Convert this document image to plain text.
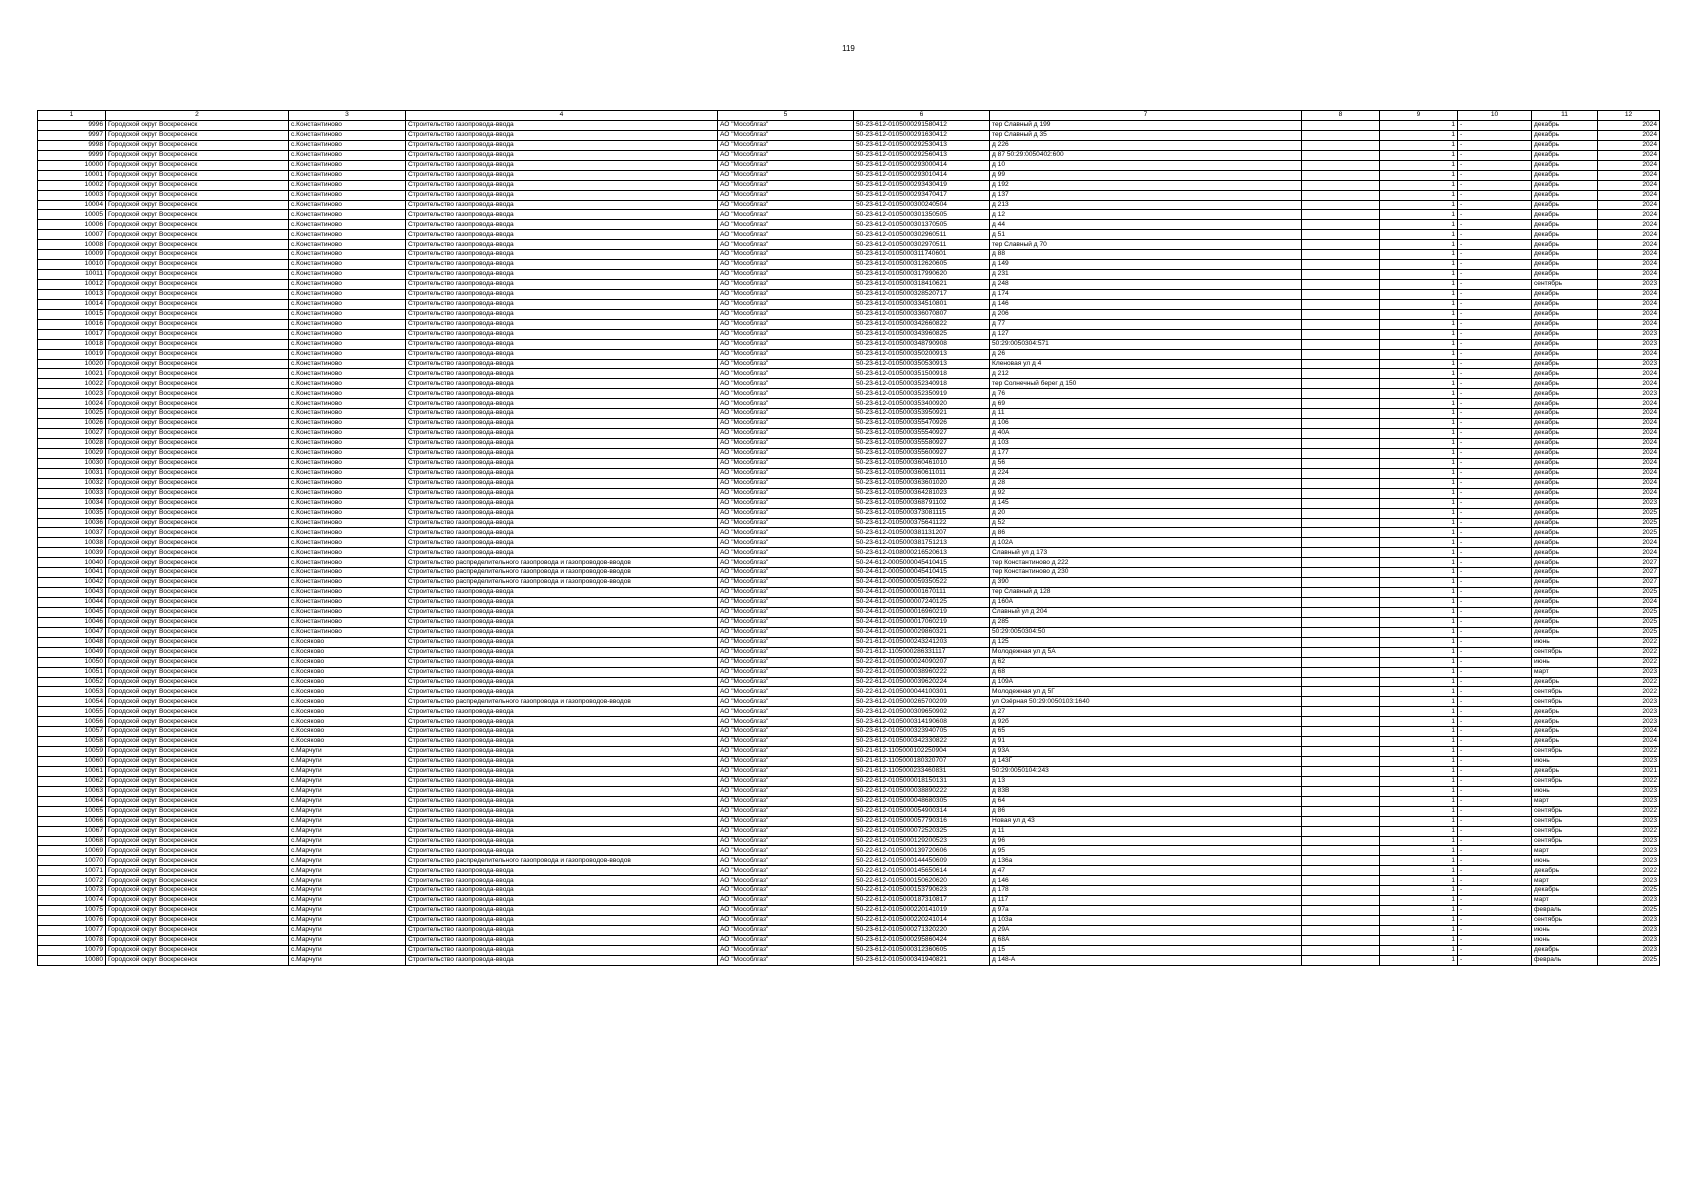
119
1	2	3	4	5	6	7	8	9	10	11	12
9996	Городской округ Воскресенск	с.Константиново	Строительство газопровода-ввода	АО "Мособлгаз"	50-23-612-0105000291580412	тер Славный д 199		1	-	декабрь	2024
9997	Городской округ Воскресенск	с.Константиново	Строительство газопровода-ввода	АО "Мособлгаз"	50-23-612-0105000291630412	тер Славный д 35		1	-	декабрь	2024
9998	Городской округ Воскресенск	с.Константиново	Строительство газопровода-ввода	АО "Мособлгаз"	50-23-612-0105000292530413	д 226		1	-	декабрь	2024
9999	Городской округ Воскресенск	с.Константиново	Строительство газопровода-ввода	АО "Мособлгаз"	50-23-612-0105000292560413	д 87 50:29:0050402:600		1	-	декабрь	2024
10000	Городской округ Воскресенск	с.Константиново	Строительство газопровода-ввода	АО "Мособлгаз"	50-23-612-0105000293000414	д 10		1	-	декабрь	2024
10001	Городской округ Воскресенск	с.Константиново	Строительство газопровода-ввода	АО "Мособлгаз"	50-23-612-0105000293010414	д 99		1	-	декабрь	2024
10002	Городской округ Воскресенск	с.Константиново	Строительство газопровода-ввода	АО "Мособлгаз"	50-23-612-0105000293430419	д 192		1	-	декабрь	2024
10003	Городской округ Воскресенск	с.Константиново	Строительство газопровода-ввода	АО "Мособлгаз"	50-23-612-0105000293470417	д 137		1	-	декабрь	2024
10004	Городской округ Воскресенск	с.Константиново	Строительство газопровода-ввода	АО "Мособлгаз"	50-23-612-0105000300240504	д 213		1	-	декабрь	2024
10005	Городской округ Воскресенск	с.Константиново	Строительство газопровода-ввода	АО "Мособлгаз"	50-23-612-0105000301350505	д 12		1	-	декабрь	2024
10006	Городской округ Воскресенск	с.Константиново	Строительство газопровода-ввода	АО "Мособлгаз"	50-23-612-0105000301370505	д 44		1	-	декабрь	2024
10007	Городской округ Воскресенск	с.Константиново	Строительство газопровода-ввода	АО "Мособлгаз"	50-23-612-0105000302960511	д 51		1	-	декабрь	2024
10008	Городской округ Воскресенск	с.Константиново	Строительство газопровода-ввода	АО "Мособлгаз"	50-23-612-0105000302970511	тер Славный д 70		1	-	декабрь	2024
10009	Городской округ Воскресенск	с.Константиново	Строительство газопровода-ввода	АО "Мособлгаз"	50-23-612-0105000311740601	д 88		1	-	декабрь	2024
10010	Городской округ Воскресенск	с.Константиново	Строительство газопровода-ввода	АО "Мособлгаз"	50-23-612-0105000312620605	д 149		1	-	декабрь	2024
10011	Городской округ Воскресенск	с.Константиново	Строительство газопровода-ввода	АО "Мособлгаз"	50-23-612-0105000317990620	д 231		1	-	декабрь	2024
10012	Городской округ Воскресенск	с.Константиново	Строительство газопровода-ввода	АО "Мособлгаз"	50-23-612-0105000318410621	д 248		1	-	сентябрь	2023
10013	Городской округ Воскресенск	с.Константиново	Строительство газопровода-ввода	АО "Мособлгаз"	50-23-612-0105000328520717	д 174		1	-	декабрь	2024
10014	Городской округ Воскресенск	с.Константиново	Строительство газопровода-ввода	АО "Мособлгаз"	50-23-612-0105000334510801	д 146		1	-	декабрь	2024
10015	Городской округ Воскресенск	с.Константиново	Строительство газопровода-ввода	АО "Мособлгаз"	50-23-612-0105000336070807	д 206		1	-	декабрь	2024
10016	Городской округ Воскресенск	с.Константиново	Строительство газопровода-ввода	АО "Мособлгаз"	50-23-612-0105000342660822	д 77		1	-	декабрь	2024
10017	Городской округ Воскресенск	с.Константиново	Строительство газопровода-ввода	АО "Мособлгаз"	50-23-612-0105000343960825	д 127		1	-	декабрь	2023
10018	Городской округ Воскресенск	с.Константиново	Строительство газопровода-ввода	АО "Мособлгаз"	50-23-612-0105000348790908	50:29:0050304:571		1	-	декабрь	2023
10019	Городской округ Воскресенск	с.Константиново	Строительство газопровода-ввода	АО "Мособлгаз"	50-23-612-0105000350200913	д 26		1	-	декабрь	2024
10020	Городской округ Воскресенск	с.Константиново	Строительство газопровода-ввода	АО "Мособлгаз"	50-23-612-0105000350530913	Кленовая ул д 4		1	-	декабрь	2023
10021	Городской округ Воскресенск	с.Константиново	Строительство газопровода-ввода	АО "Мособлгаз"	50-23-612-0105000351500918	д 212		1	-	декабрь	2024
10022	Городской округ Воскресенск	с.Константиново	Строительство газопровода-ввода	АО "Мособлгаз"	50-23-612-0105000352340918	тер Солнечный берег д 150		1	-	декабрь	2024
10023	Городской округ Воскресенск	с.Константиново	Строительство газопровода-ввода	АО "Мособлгаз"	50-23-612-0105000352350919	д 76		1	-	декабрь	2023
10024	Городской округ Воскресенск	с.Константиново	Строительство газопровода-ввода	АО "Мособлгаз"	50-23-612-0105000353400920	д 69		1	-	декабрь	2024
10025	Городской округ Воскресенск	с.Константиново	Строительство газопровода-ввода	АО "Мособлгаз"	50-23-612-0105000353950921	д 11		1	-	декабрь	2024
10026	Городской округ Воскресенск	с.Константиново	Строительство газопровода-ввода	АО "Мособлгаз"	50-23-612-0105000355470926	д 106		1	-	декабрь	2024
10027	Городской округ Воскресенск	с.Константиново	Строительство газопровода-ввода	АО "Мособлгаз"	50-23-612-0105000355540927	д 40А		1	-	декабрь	2024
10028	Городской округ Воскресенск	с.Константиново	Строительство газопровода-ввода	АО "Мособлгаз"	50-23-612-0105000355580927	д 103		1	-	декабрь	2024
10029	Городской округ Воскресенск	с.Константиново	Строительство газопровода-ввода	АО "Мособлгаз"	50-23-612-0105000355600927	д 177		1	-	декабрь	2024
10030	Городской округ Воскресенск	с.Константиново	Строительство газопровода-ввода	АО "Мособлгаз"	50-23-612-0105000360461010	д 56		1	-	декабрь	2024
10031	Городской округ Воскресенск	с.Константиново	Строительство газопровода-ввода	АО "Мособлгаз"	50-23-612-0105000360611011	д 224		1	-	декабрь	2024
10032	Городской округ Воскресенск	с.Константиново	Строительство газопровода-ввода	АО "Мособлгаз"	50-23-612-0105000363601020	д 28		1	-	декабрь	2024
10033	Городской округ Воскресенск	с.Константиново	Строительство газопровода-ввода	АО "Мособлгаз"	50-23-612-0105000364281023	д 92		1	-	декабрь	2024
10034	Городской округ Воскресенск	с.Константиново	Строительство газопровода-ввода	АО "Мособлгаз"	50-23-612-0105000368791102	д 145		1	-	декабрь	2023
10035	Городской округ Воскресенск	с.Константиново	Строительство газопровода-ввода	АО "Мособлгаз"	50-23-612-0105000373081115	д 20		1	-	декабрь	2025
10036	Городской округ Воскресенск	с.Константиново	Строительство газопровода-ввода	АО "Мособлгаз"	50-23-612-0105000375641122	д 52		1	-	декабрь	2025
10037	Городской округ Воскресенск	с.Константиново	Строительство газопровода-ввода	АО "Мособлгаз"	50-23-612-0105000381131207	д 86		1	-	декабрь	2025
10038	Городской округ Воскресенск	с.Константиново	Строительство газопровода-ввода	АО "Мособлгаз"	50-23-612-0105000381751213	д 102А		1	-	декабрь	2024
10039	Городской округ Воскресенск	с.Константиново	Строительство газопровода-ввода	АО "Мособлгаз"	50-23-612-0108000216520613	Славный ул д 173		1	-	декабрь	2024
10040	Городской округ Воскресенск	с.Константиново	Строительство распределительного газопровода и газопроводов-вводов	АО "Мособлгаз"	50-24-612-0005000045410415	тер Константиново д 222		1	-	декабрь	2027
10041	Городской округ Воскресенск	с.Константиново	Строительство распределительного газопровода и газопроводов-вводов	АО "Мособлгаз"	50-24-612-0005000045410415	тер Константиново д 230		1	-	декабрь	2027
10042	Городской округ Воскресенск	с.Константиново	Строительство распределительного газопровода и газопроводов-вводов	АО "Мособлгаз"	50-24-612-0005000059350522	д 390		1	-	декабрь	2027
10043	Городской округ Воскресенск	с.Константиново	Строительство газопровода-ввода	АО "Мособлгаз"	50-24-612-0105000001670111	тер Славный д 128		1	-	декабрь	2025
10044	Городской округ Воскресенск	с.Константиново	Строительство газопровода-ввода	АО "Мособлгаз"	50-24-612-0105000007240125	д 160А		1	-	декабрь	2024
10045	Городской округ Воскресенск	с.Константиново	Строительство газопровода-ввода	АО "Мособлгаз"	50-24-612-0105000016960219	Славный ул д 204		1	-	декабрь	2025
10046	Городской округ Воскресенск	с.Константиново	Строительство газопровода-ввода	АО "Мособлгаз"	50-24-612-0105000017060219	д 285		1	-	декабрь	2025
10047	Городской округ Воскресенск	с.Константиново	Строительство газопровода-ввода	АО "Мособлгаз"	50-24-612-0105000029860321	50:29:0050304:50		1	-	декабрь	2025
10048	Городской округ Воскресенск	с.Косяково	Строительство газопровода-ввода	АО "Мособлгаз"	50-21-612-0105000243241203	д 125		1	-	июнь	2022
10049	Городской округ Воскресенск	с.Косяково	Строительство газопровода-ввода	АО "Мособлгаз"	50-21-612-1105000286331117	Молодежная ул д 5А		1	-	сентябрь	2022
10050	Городской округ Воскресенск	с.Косяково	Строительство газопровода-ввода	АО "Мособлгаз"	50-22-612-0105000024090207	д 62		1	-	июнь	2022
10051	Городской округ Воскресенск	с.Косяково	Строительство газопровода-ввода	АО "Мособлгаз"	50-22-612-0105000038960222	д 68		1	-	март	2023
10052	Городской округ Воскресенск	с.Косяково	Строительство газопровода-ввода	АО "Мособлгаз"	50-22-612-0105000039620224	д 109А		1	-	декабрь	2022
10053	Городской округ Воскресенск	с.Косяково	Строительство газопровода-ввода	АО "Мособлгаз"	50-22-612-0105000044100301	Молодежная ул д 5Г		1	-	сентябрь	2022
10054	Городской округ Воскресенск	с.Косяково	Строительство распределительного газопровода и газопроводов-вводов	АО "Мособлгаз"	50-23-612-0105000265700209	ул Озёрная 50:29:0050103:1640		1	-	сентябрь	2023
10055	Городской округ Воскресенск	с.Косяково	Строительство газопровода-ввода	АО "Мособлгаз"	50-23-612-0105000309650902	д 27		1	-	декабрь	2023
10056	Городской округ Воскресенск	с.Косяково	Строительство газопровода-ввода	АО "Мособлгаз"	50-23-612-0105000314190608	д 92б		1	-	декабрь	2023
10057	Городской округ Воскресенск	с.Косяково	Строительство газопровода-ввода	АО "Мособлгаз"	50-23-612-0105000323940705	д 65		1	-	декабрь	2024
10058	Городской округ Воскресенск	с.Косяково	Строительство газопровода-ввода	АО "Мособлгаз"	50-23-612-0105000342330822	д 91		1	-	декабрь	2024
10059	Городской округ Воскресенск	с.Марчуги	Строительство газопровода-ввода	АО "Мособлгаз"	50-21-612-1105000102250904	д 93А		1	-	сентябрь	2022
10060	Городской округ Воскресенск	с.Марчуги	Строительство газопровода-ввода	АО "Мособлгаз"	50-21-612-1105000180320707	д 143Г		1	-	июнь	2023
10061	Городской округ Воскресенск	с.Марчуги	Строительство газопровода-ввода	АО "Мособлгаз"	50-21-612-1105000233460831	50:29:0050104:243		1	-	декабрь	2021
10062	Городской округ Воскресенск	с.Марчуги	Строительство газопровода-ввода	АО "Мособлгаз"	50-22-612-0105000018150131	д 13		1	-	сентябрь	2022
10063	Городской округ Воскресенск	с.Марчуги	Строительство газопровода-ввода	АО "Мособлгаз"	50-22-612-0105000038890222	д 83В		1	-	июнь	2023
10064	Городской округ Воскресенск	с.Марчуги	Строительство газопровода-ввода	АО "Мособлгаз"	50-22-612-0105000048680305	д 64		1	-	март	2023
10065	Городской округ Воскресенск	с.Марчуги	Строительство газопровода-ввода	АО "Мособлгаз"	50-22-612-0105000054900314	д 86		1	-	сентябрь	2022
10066	Городской округ Воскресенск	с.Марчуги	Строительство газопровода-ввода	АО "Мособлгаз"	50-22-612-0105000057790316	Новая ул д 43		1	-	сентябрь	2023
10067	Городской округ Воскресенск	с.Марчуги	Строительство газопровода-ввода	АО "Мособлгаз"	50-22-612-0105000072520325	д 11		1	-	сентябрь	2022
10068	Городской округ Воскресенск	с.Марчуги	Строительство газопровода-ввода	АО "Мособлгаз"	50-22-612-0105000129200523	д 96		1	-	сентябрь	2023
10069	Городской округ Воскресенск	с.Марчуги	Строительство газопровода-ввода	АО "Мособлгаз"	50-22-612-0105000139720606	д 95		1	-	март	2023
10070	Городской округ Воскресенск	с.Марчуги	Строительство распределительного газопровода и газопроводов-вводов	АО "Мособлгаз"	50-22-612-0105000144450609	д 136а		1	-	июнь	2023
10071	Городской округ Воскресенск	с.Марчуги	Строительство газопровода-ввода	АО "Мособлгаз"	50-22-612-0105000145650614	д 47		1	-	декабрь	2022
10072	Городской округ Воскресенск	с.Марчуги	Строительство газопровода-ввода	АО "Мособлгаз"	50-22-612-0105000150620620	д 146		1	-	март	2023
10073	Городской округ Воскресенск	с.Марчуги	Строительство газопровода-ввода	АО "Мособлгаз"	50-22-612-0105000153790623	д 178		1	-	декабрь	2025
10074	Городской округ Воскресенск	с.Марчуги	Строительство газопровода-ввода	АО "Мособлгаз"	50-22-612-0105000187310817	д 117		1	-	март	2023
10075	Городской округ Воскресенск	с.Марчуги	Строительство газопровода-ввода	АО "Мособлгаз"	50-22-612-0105000220141019	д 97а		1	-	февраль	2025
10076	Городской округ Воскресенск	с.Марчуги	Строительство газопровода-ввода	АО "Мособлгаз"	50-22-612-0105000220241014	д 103а		1	-	сентябрь	2023
10077	Городской округ Воскресенск	с.Марчуги	Строительство газопровода-ввода	АО "Мособлгаз"	50-23-612-0105000271320220	д 29А		1	-	июнь	2023
10078	Городской округ Воскресенск	с.Марчуги	Строительство газопровода-ввода	АО "Мособлгаз"	50-23-612-0105000295860424	д 68А		1	-	июнь	2023
10079	Городской округ Воскресенск	с.Марчуги	Строительство газопровода-ввода	АО "Мособлгаз"	50-23-612-0105000312360605	д 15		1	-	декабрь	2023
10080	Городской округ Воскресенск	с.Марчуги	Строительство газопровода-ввода	АО "Мособлгаз"	50-23-612-0105000341940821	д 148-А		1	-	февраль	2025
